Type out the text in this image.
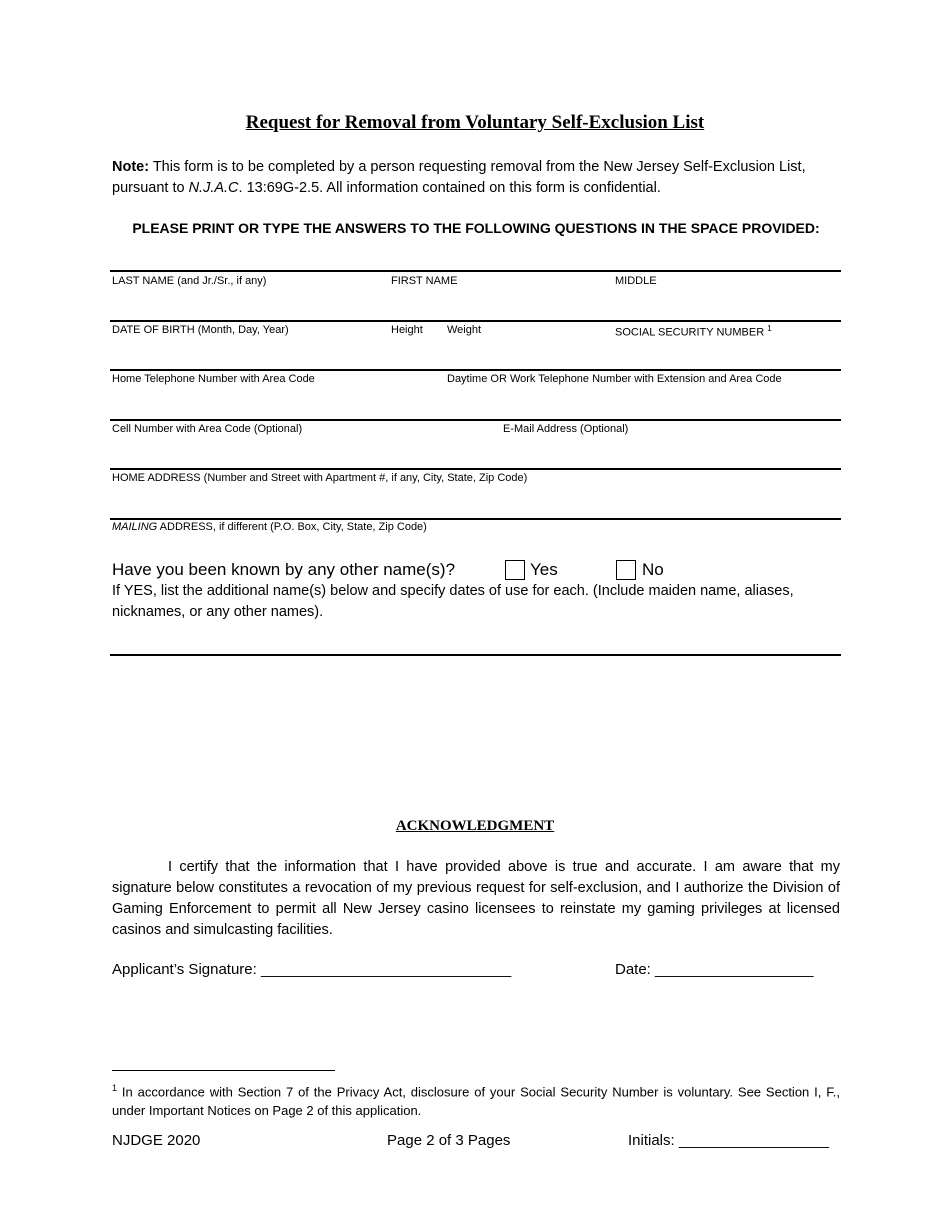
Request for Removal from Voluntary Self-Exclusion List
Note: This form is to be completed by a person requesting removal from the New Jersey Self-Exclusion List, pursuant to N.J.A.C. 13:69G-2.5. All information contained on this form is confidential.
PLEASE PRINT OR TYPE THE ANSWERS TO THE FOLLOWING QUESTIONS IN THE SPACE PROVIDED:
LAST NAME (and Jr./Sr., if any)	FIRST NAME	MIDDLE
DATE OF BIRTH (Month, Day, Year)	Height Weight	SOCIAL SECURITY NUMBER $^1$
Home Telephone Number with Area Code	Daytime OR Work Telephone Number with Extension and Area Code
Cell Number with Area Code (Optional)	E-Mail Address (Optional)
HOME ADDRESS (Number and Street with Apartment #, if any, City, State, Zip Code)
MAILING ADDRESS, if different (P.O. Box, City, State, Zip Code)
Have you been known by any other name(s)?	Yes	No
If YES, list the additional name(s) below and specify dates of use for each. (Include maiden name, aliases, nicknames, or any other names).
ACKNOWLEDGMENT
I certify that the information that I have provided above is true and accurate. I am aware that my signature below constitutes a revocation of my previous request for self-exclusion, and I authorize the Division of Gaming Enforcement to permit all New Jersey casino licensees to reinstate my gaming privileges at licensed casinos and simulcasting facilities.
Applicant’s Signature: ______________________________	Date: ___________________
$^1$ In accordance with Section 7 of the Privacy Act, disclosure of your Social Security Number is voluntary. See Section I, F., under Important Notices on Page 2 of this application.
NJDGE 2020	Page 2 of 3 Pages	Initials: __________________
